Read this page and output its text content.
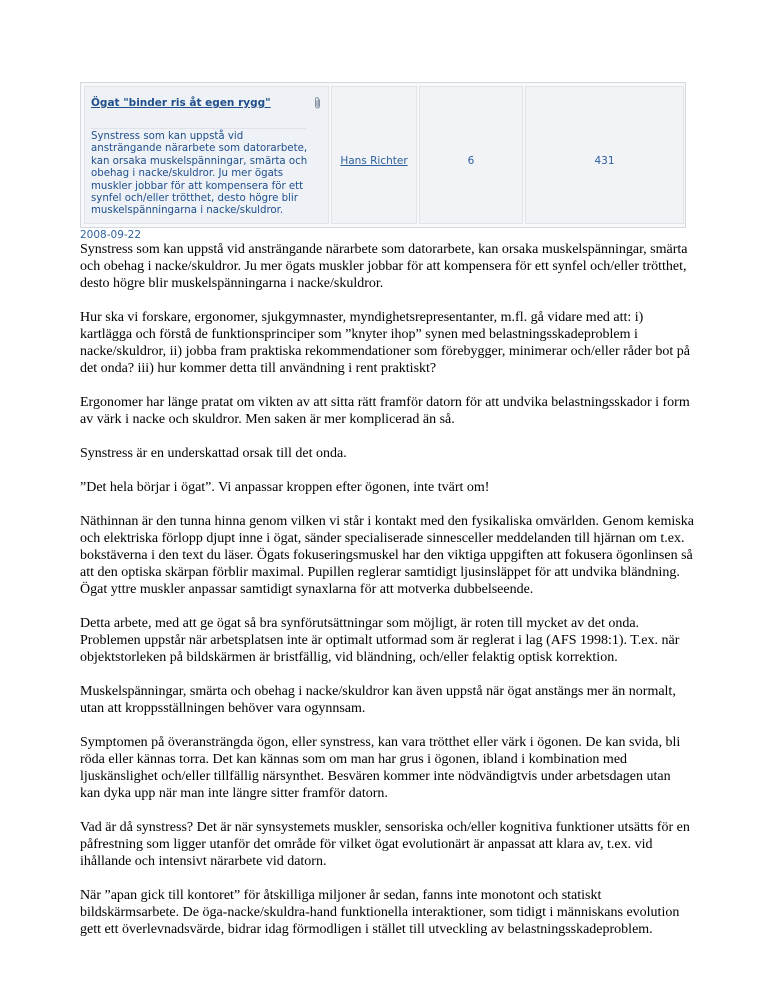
Ögat "binder ris åt egen rygg"
Synstress som kan uppstå vid ansträngande närarbete som datorarbete, kan orsaka muskelspänningar, smärta och obehag i nacke/skuldror. Ju mer ögats muskler jobbar för att kompensera för ett synfel och/eller trötthet, desto högre blir muskelspänningarna i nacke/skuldror.
Hans Richter	6	431
2008-09-22

Synstress som kan uppstå vid ansträngande närarbete som datorarbete, kan orsaka muskelspänningar, smärta och obehag i nacke/skuldror. Ju mer ögats muskler jobbar för att kompensera för ett synfel och/eller trötthet, desto högre blir muskelspänningarna i nacke/skuldror.

Hur ska vi forskare, ergonomer, sjukgymnaster, myndighetsrepresentanter, m.fl. gå vidare med att: i) kartlägga och förstå de funktionsprinciper som ”knyter ihop” synen med belastningsskadeproblem i nacke/skuldror, ii) jobba fram praktiska rekommendationer som förebygger, minimerar och/eller råder bot på det onda? iii) hur kommer detta till användning i rent praktiskt?

Ergonomer har länge pratat om vikten av att sitta rätt framför datorn för att undvika belastningsskador i form av värk i nacke och skuldror. Men saken är mer komplicerad än så.

Synstress är en underskattad orsak till det onda.

”Det hela börjar i ögat”. Vi anpassar kroppen efter ögonen, inte tvärt om!

Näthinnan är den tunna hinna genom vilken vi står i kontakt med den fysikaliska omvärlden. Genom kemiska och elektriska förlopp djupt inne i ögat, sänder specialiserade sinnesceller meddelanden till hjärnan om t.ex. bokstäverna i den text du läser. Ögats fokuseringsmuskel har den viktiga uppgiften att fokusera ögonlinsen så att den optiska skärpan förblir maximal. Pupillen reglerar samtidigt ljusinsläppet för att undvika bländning. Ögat yttre muskler anpassar samtidigt synaxlarna för att motverka dubbelseende.

Detta arbete, med att ge ögat så bra synförutsättningar som möjligt, är roten till mycket av det onda. Problemen uppstår när arbetsplatsen inte är optimalt utformad som är reglerat i lag (AFS 1998:1). T.ex. när objektstorleken på bildskärmen är bristfällig, vid bländning, och/eller felaktig optisk korrektion.

Muskelspänningar, smärta och obehag i nacke/skuldror kan även uppstå när ögat anstängs mer än normalt, utan att kroppsställningen behöver vara ogynnsam.

Symptomen på överansträngda ögon, eller synstress, kan vara trötthet eller värk i ögonen. De kan svida, bli röda eller kännas torra. Det kan kännas som om man har grus i ögonen, ibland i kombination med ljuskänslighet och/eller tillfällig närsynthet. Besvären kommer inte nödvändigtvis under arbetsdagen utan kan dyka upp när man inte längre sitter framför datorn.

Vad är då synstress? Det är när synsystemets muskler, sensoriska och/eller kognitiva funktioner utsätts för en påfrestning som ligger utanför det område för vilket ögat evolutionärt är anpassat att klara av, t.ex. vid ihållande och intensivt närarbete vid datorn.

När ”apan gick till kontoret” för åtskilliga miljoner år sedan, fanns inte monotont och statiskt bildskärmsarbete. De öga-nacke/skuldra-hand funktionella interaktioner, som tidigt i människans evolution gett ett överlevnadsvärde, bidrar idag förmodligen i stället till utveckling av belastningsskadeproblem.
